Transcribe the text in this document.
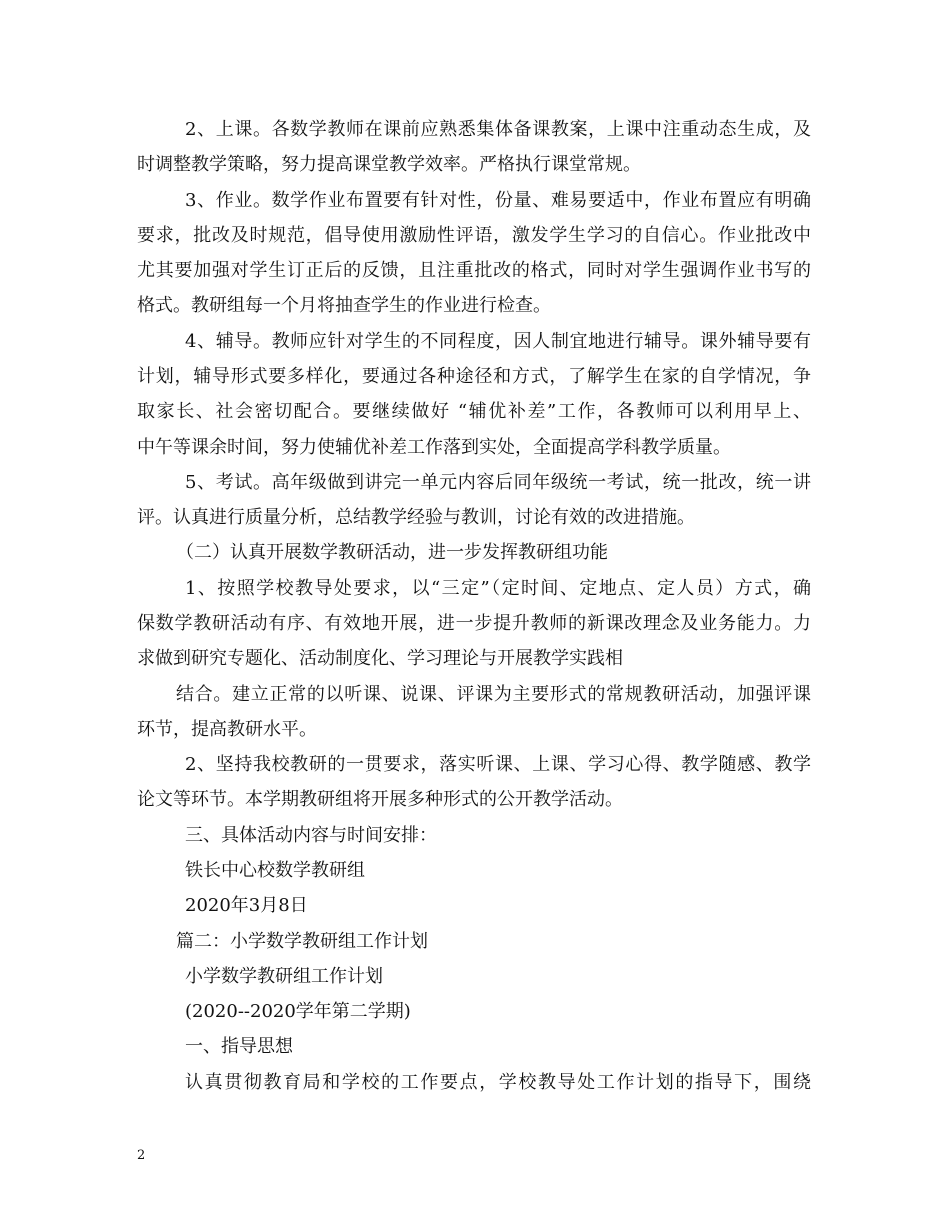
2、上课。各数学教师在课前应熟悉集体备课教案，上课中注重动态生成，及
时调整教学策略，努力提高课堂教学效率。严格执行课堂常规。
3、作业。数学作业布置要有针对性，份量、难易要适中，作业布置应有明确
要求，批改及时规范，倡导使用激励性评语，激发学生学习的自信心。作业批改中
尤其要加强对学生订正后的反馈，且注重批改的格式，同时对学生强调作业书写的
格式。教研组每一个月将抽查学生的作业进行检查。
4、辅导。教师应针对学生的不同程度，因人制宜地进行辅导。课外辅导要有
计划，辅导形式要多样化，要通过各种途径和方式，了解学生在家的自学情况，争
取家长、社会密切配合。要继续做好 “辅优补差”工作，各教师可以利用早上、
中午等课余时间，努力使辅优补差工作落到实处，全面提高学科教学质量。
5、考试。高年级做到讲完一单元内容后同年级统一考试，统一批改，统一讲
评。认真进行质量分析，总结教学经验与教训，讨论有效的改进措施。
（二）认真开展数学教研活动，进一步发挥教研组功能
1、按照学校教导处要求，以“三定”（定时间、定地点、定人员）方式，确
保数学教研活动有序、有效地开展，进一步提升教师的新课改理念及业务能力。力
求做到研究专题化、活动制度化、学习理论与开展教学实践相
结合。建立正常的以听课、说课、评课为主要形式的常规教研活动，加强评课
环节，提高教研水平。
2、坚持我校教研的一贯要求，落实听课、上课、学习心得、教学随感、教学
论文等环节。本学期教研组将开展多种形式的公开教学活动。
三、具体活动内容与时间安排：
铁长中心校数学教研组
2020年3月8日
篇二：小学数学教研组工作计划
小学数学教研组工作计划
(2020--2020学年第二学期)
一、指导思想
认真贯彻教育局和学校的工作要点，学校教导处工作计划的指导下，围绕
2
